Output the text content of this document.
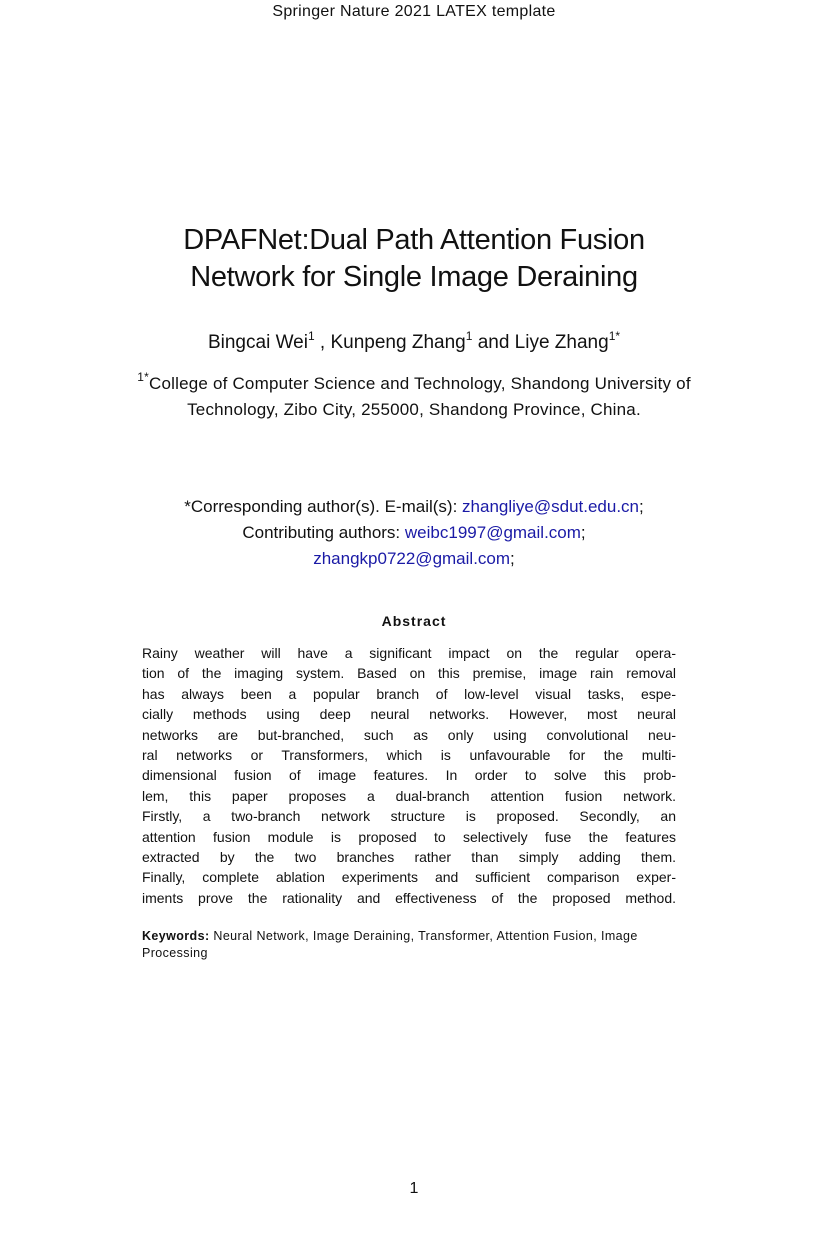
Springer Nature 2021 LATEX template
DPAFNet:Dual Path Attention Fusion
Network for Single Image Deraining
Bingcai Wei$^1$ , Kunpeng Zhang$^1$ and Liye Zhang$^{1*}$
$^{1*}$College of Computer Science and Technology, Shandong University of Technology, Zibo City, 255000, Shandong Province, China.
*Corresponding author(s). E-mail(s): zhangliye@sdut.edu.cn;
Contributing authors: weibc1997@gmail.com;
zhangkp0722@gmail.com;
Abstract
Rainy weather will have a significant impact on the regular opera-
tion of the imaging system. Based on this premise, image rain removal
has always been a popular branch of low-level visual tasks, espe-
cially methods using deep neural networks. However, most neural
networks are but-branched, such as only using convolutional neu-
ral networks or Transformers, which is unfavourable for the multi-
dimensional fusion of image features. In order to solve this prob-
lem, this paper proposes a dual-branch attention fusion network.
Firstly, a two-branch network structure is proposed. Secondly, an
attention fusion module is proposed to selectively fuse the features
extracted by the two branches rather than simply adding them.
Finally, complete ablation experiments and sufficient comparison exper-
iments prove the rationality and effectiveness of the proposed method.
Keywords: Neural Network, Image Deraining, Transformer, Attention Fusion, Image Processing
1
